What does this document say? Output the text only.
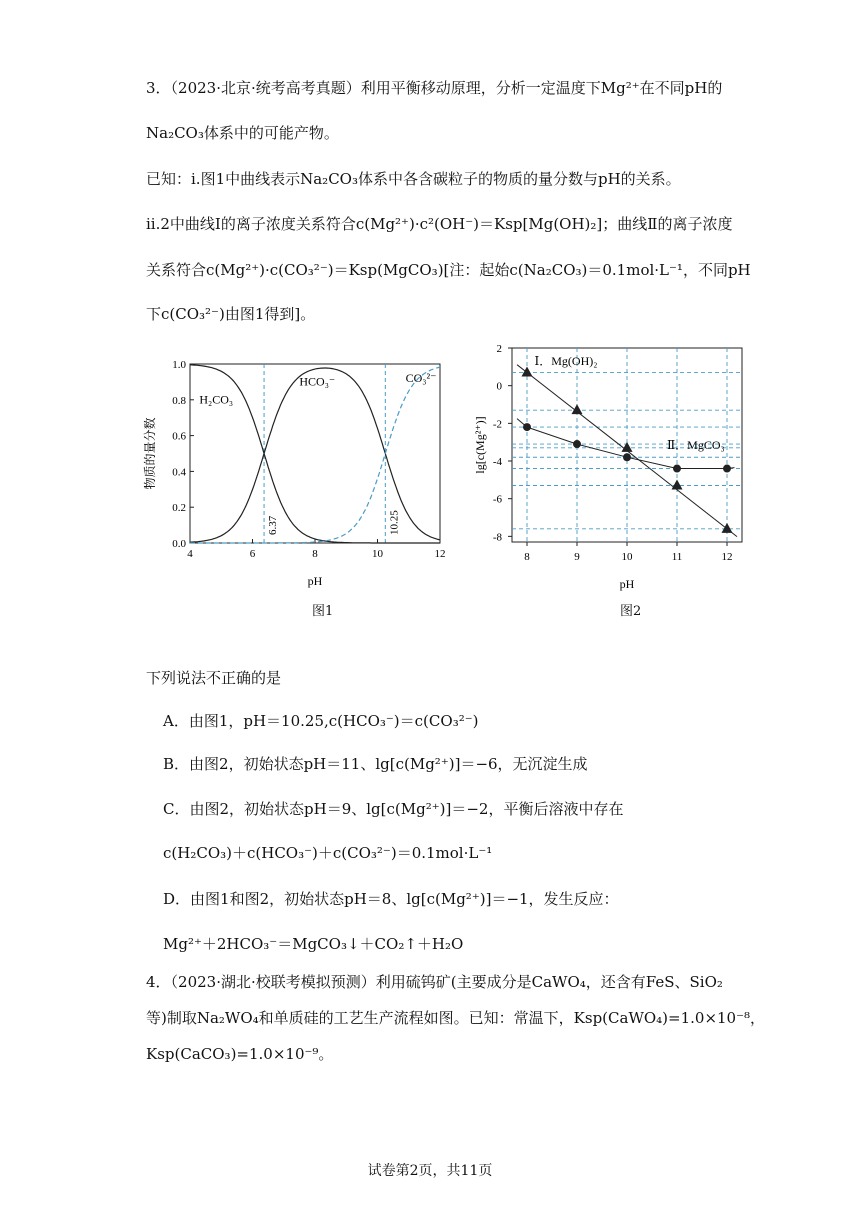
3．（2023·北京·统考高考真题）利用平衡移动原理，分析一定温度下Mg²⁺在不同pH的
Na₂CO₃体系中的可能产物。
已知：i.图1中曲线表示Na₂CO₃体系中各含碳粒子的物质的量分数与pH的关系。
ii.2中曲线Ⅰ的离子浓度关系符合c(Mg²⁺)·c²(OH⁻)＝Ksp[Mg(OH)₂]；曲线Ⅱ的离子浓度
关系符合c(Mg²⁺)·c(CO₃²⁻)＝Ksp(MgCO₃)[注：起始c(Na₂CO₃)＝0.1mol·L⁻¹，不同pH
下c(CO₃²⁻)由图1得到]。
4	6	8	10	12
0.0
0.2
0.4
0.6
0.8
1.0
pH
物质的量分数
6.37	10.25
H₂CO₃
HCO₃⁻	CO₃²⁻
图1
8	9	10	11	12
2
0
-2
-4
-6
-8
pH
lg[c(Mg²⁺)]
Ⅰ．Mg(OH)₂
Ⅱ．MgCO₃
图2
下列说法不正确的是
A．由图1，pH＝10.25,c(HCO₃⁻)＝c(CO₃²⁻)
B．由图2，初始状态pH＝11、lg[c(Mg²⁺)]＝−6，无沉淀生成
C．由图2，初始状态pH＝9、lg[c(Mg²⁺)]＝−2，平衡后溶液中存在
c(H₂CO₃)＋c(HCO₃⁻)＋c(CO₃²⁻)＝0.1mol·L⁻¹
D．由图1和图2，初始状态pH＝8、lg[c(Mg²⁺)]＝−1，发生反应：
Mg²⁺＋2HCO₃⁻＝MgCO₃↓＋CO₂↑＋H₂O
4．（2023·湖北·校联考模拟预测）利用硫钨矿(主要成分是CaWO₄，还含有FeS、SiO₂
等)制取Na₂WO₄和单质硅的工艺生产流程如图。已知：常温下，Ksp(CaWO₄)=1.0×10⁻⁸，
Ksp(CaCO₃)=1.0×10⁻⁹。
试卷第2页，共11页
